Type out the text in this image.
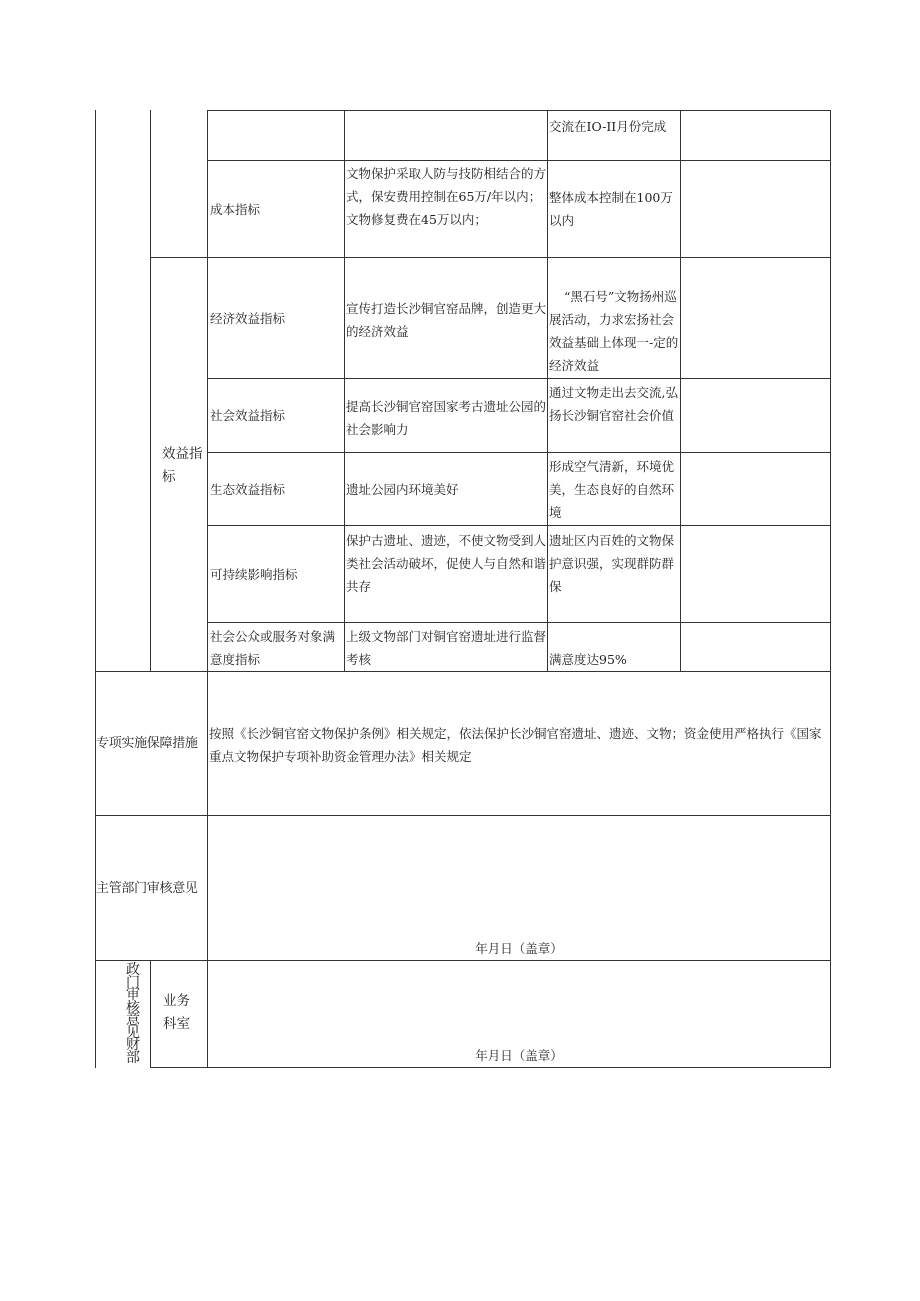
交流在IO-II月份完成
成本指标
文物保护采取人防与技防相结合的方式，保安费用控制在65万/年以内；文物修复费在45万以内；
整体成本控制在100万以内
效益指标
经济效益指标
宣传打造长沙铜官窑品牌，创造更大的经济效益
“黑石号”文物扬州巡展活动，力求宏扬社会效益基础上体现一-定的经济效益
社会效益指标
提高长沙铜官窑国家考古遗址公园的社会影响力
通过文物走出去交流,弘扬长沙铜官窑社会价值
生态效益指标	遗址公园内环境美好
形成空气清新，环境优美，生态良好的自然环境
可持续影响指标
保护古遗址、遗迹，不使文物受到人类社会活动破坏，促使人与自然和谐共存
遗址区内百姓的文物保护意识强，实现群防群保
社会公众或服务对象满意度指标
上级文物部门对铜官窑遗址进行监督考核	满意度达95%
专项实施保障措施
按照《长沙铜官窑文物保护条例》相关规定，依法保护长沙铜官窑遗址、遗迹、文物；资金使用严格执行《国家重点文物保护专项补助资金管理办法》相关规定
主管部门审核意见
年月日（盖章）
政门审核意见财部
业务科室
年月日（盖章）
